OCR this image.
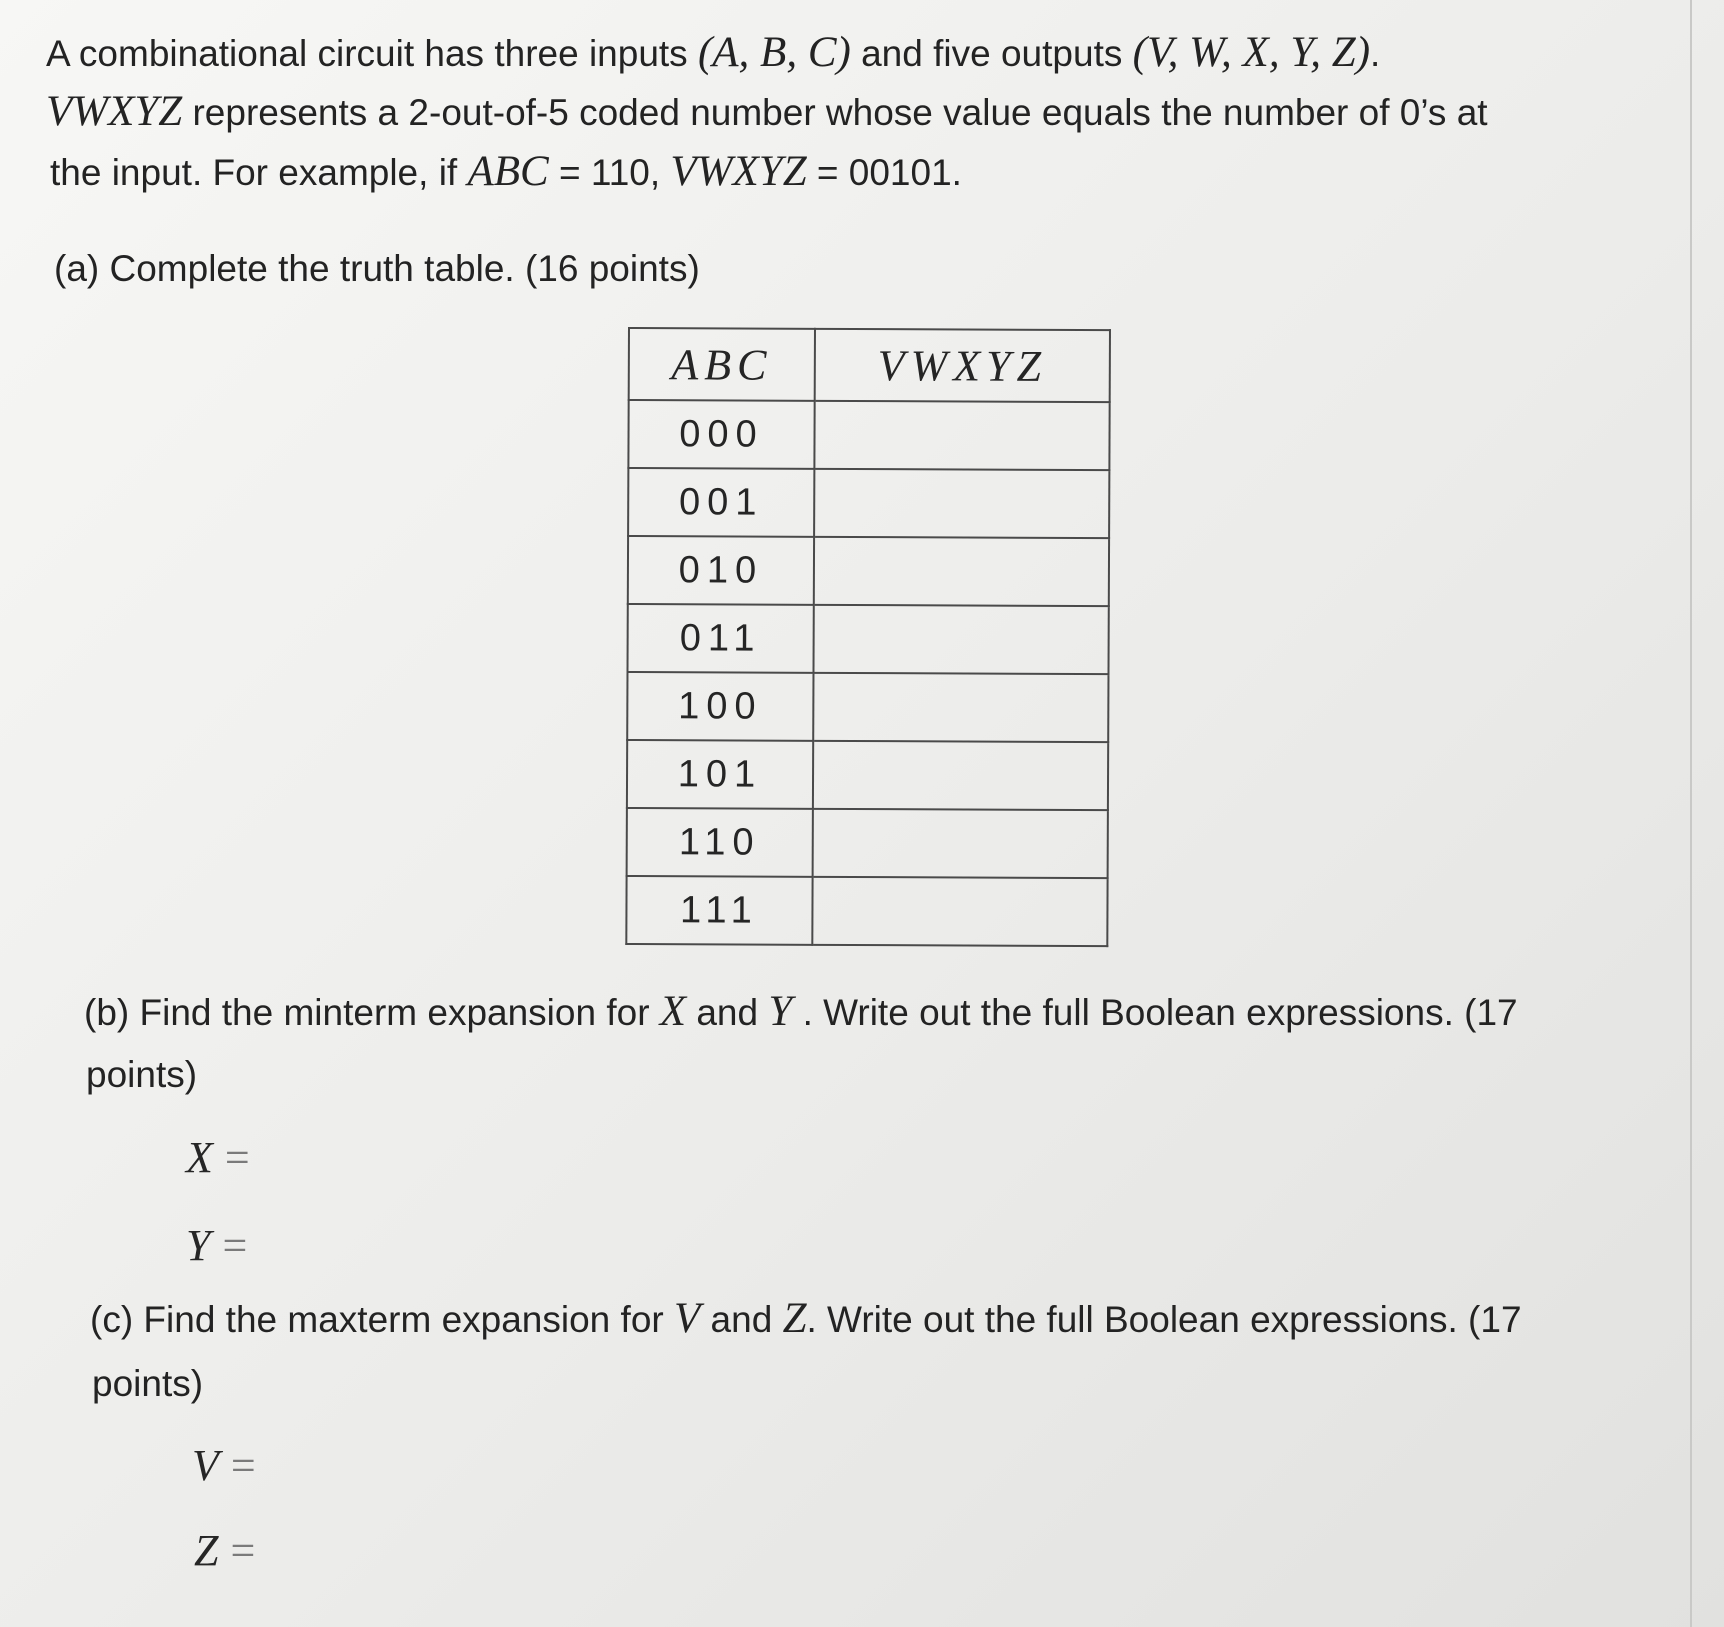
A combinational circuit has three inputs (A, B, C) and five outputs (V, W, X, Y, Z).
VWXYZ represents a 2-out-of-5 coded number whose value equals the number of 0’s at
the input. For example, if ABC = 110, VWXYZ = 00101.
(a) Complete the truth table. (16 points)
ABC	VWXYZ
000	
001	
010	
011	
100	
101	
110	
111	
(b) Find the minterm expansion for X and Y . Write out the full Boolean expressions. (17
points)
X =
Y =
(c) Find the maxterm expansion for V and Z. Write out the full Boolean expressions. (17
points)
V =
Z =
